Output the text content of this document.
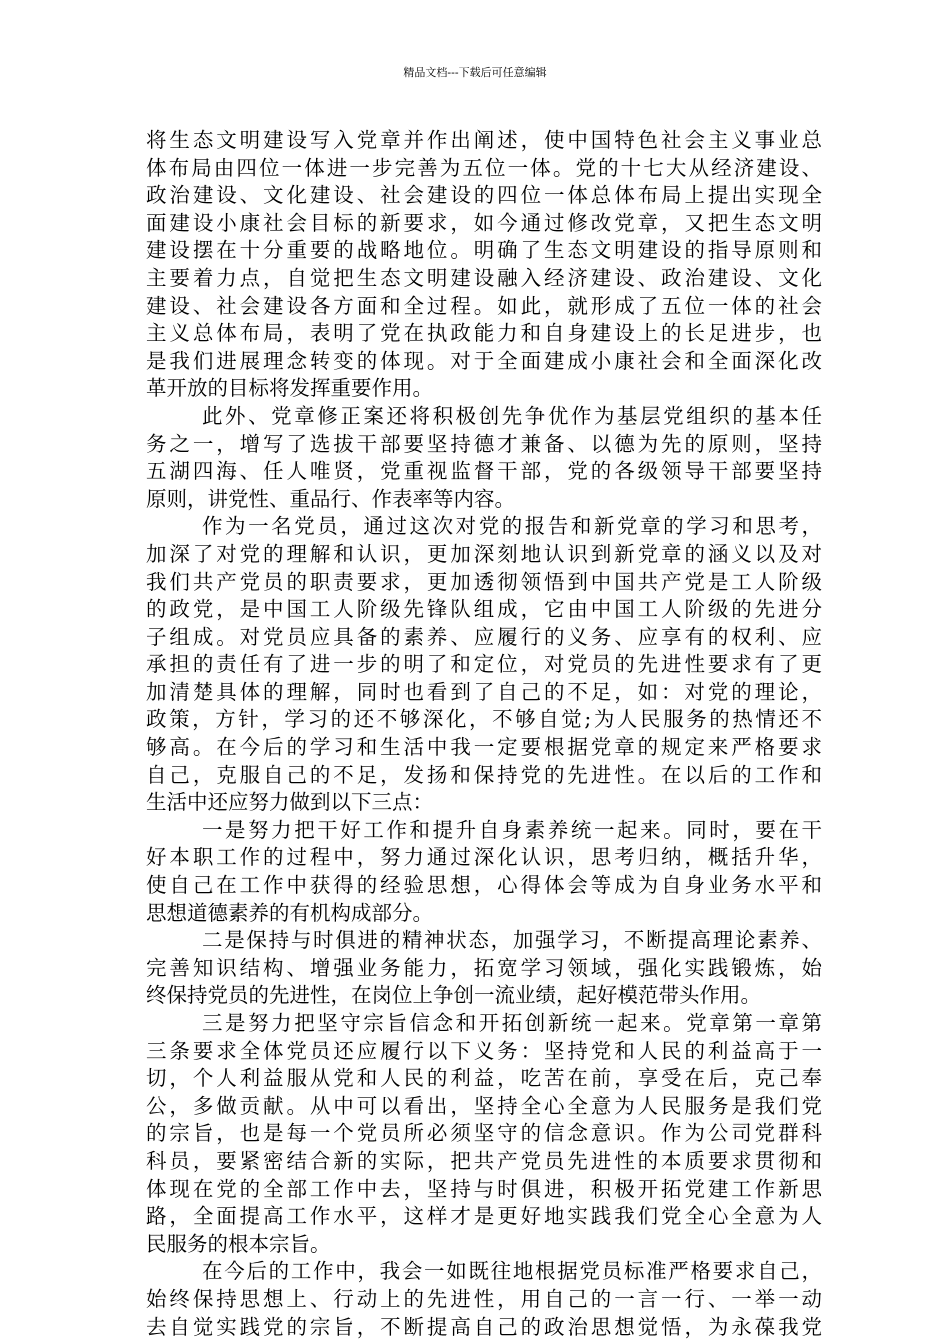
精品文档---下载后可任意编辑
将生态文明建设写入党章并作出阐述，使中国特色社会主义事业总
体布局由四位一体进一步完善为五位一体。党的十七大从经济建设、
政治建设、文化建设、社会建设的四位一体总体布局上提出实现全
面建设小康社会目标的新要求，如今通过修改党章，又把生态文明
建设摆在十分重要的战略地位。明确了生态文明建设的指导原则和
主要着力点，自觉把生态文明建设融入经济建设、政治建设、文化
建设、社会建设各方面和全过程。如此，就形成了五位一体的社会
主义总体布局，表明了党在执政能力和自身建设上的长足进步，也
是我们进展理念转变的体现。对于全面建成小康社会和全面深化改
革开放的目标将发挥重要作用。
此外、党章修正案还将积极创先争优作为基层党组织的基本任
务之一，增写了选拔干部要坚持德才兼备、以德为先的原则，坚持
五湖四海、任人唯贤，党重视监督干部，党的各级领导干部要坚持
原则，讲党性、重品行、作表率等内容。
作为一名党员，通过这次对党的报告和新党章的学习和思考，
加深了对党的理解和认识，更加深刻地认识到新党章的涵义以及对
我们共产党员的职责要求，更加透彻领悟到中国共产党是工人阶级
的政党，是中国工人阶级先锋队组成，它由中国工人阶级的先进分
子组成。对党员应具备的素养、应履行的义务、应享有的权利、应
承担的责任有了进一步的明了和定位，对党员的先进性要求有了更
加清楚具体的理解，同时也看到了自己的不足，如：对党的理论，
政策，方针，学习的还不够深化，不够自觉;为人民服务的热情还不
够高。在今后的学习和生活中我一定要根据党章的规定来严格要求
自己，克服自己的不足，发扬和保持党的先进性。在以后的工作和
生活中还应努力做到以下三点：
一是努力把干好工作和提升自身素养统一起来。同时，要在干
好本职工作的过程中，努力通过深化认识，思考归纳，概括升华，
使自己在工作中获得的经验思想，心得体会等成为自身业务水平和
思想道德素养的有机构成部分。
二是保持与时俱进的精神状态，加强学习，不断提高理论素养、
完善知识结构、增强业务能力，拓宽学习领域，强化实践锻炼，始
终保持党员的先进性，在岗位上争创一流业绩，起好模范带头作用。
三是努力把坚守宗旨信念和开拓创新统一起来。党章第一章第
三条要求全体党员还应履行以下义务：坚持党和人民的利益高于一
切，个人利益服从党和人民的利益，吃苦在前，享受在后，克己奉
公，多做贡献。从中可以看出，坚持全心全意为人民服务是我们党
的宗旨，也是每一个党员所必须坚守的信念意识。作为公司党群科
科员，要紧密结合新的实际，把共产党员先进性的本质要求贯彻和
体现在党的全部工作中去，坚持与时俱进，积极开拓党建工作新思
路，全面提高工作水平，这样才是更好地实践我们党全心全意为人
民服务的根本宗旨。
在今后的工作中，我会一如既往地根据党员标准严格要求自己，
始终保持思想上、行动上的先进性，用自己的一言一行、一举一动
去自觉实践党的宗旨，不断提高自己的政治思想觉悟，为永葆我党
